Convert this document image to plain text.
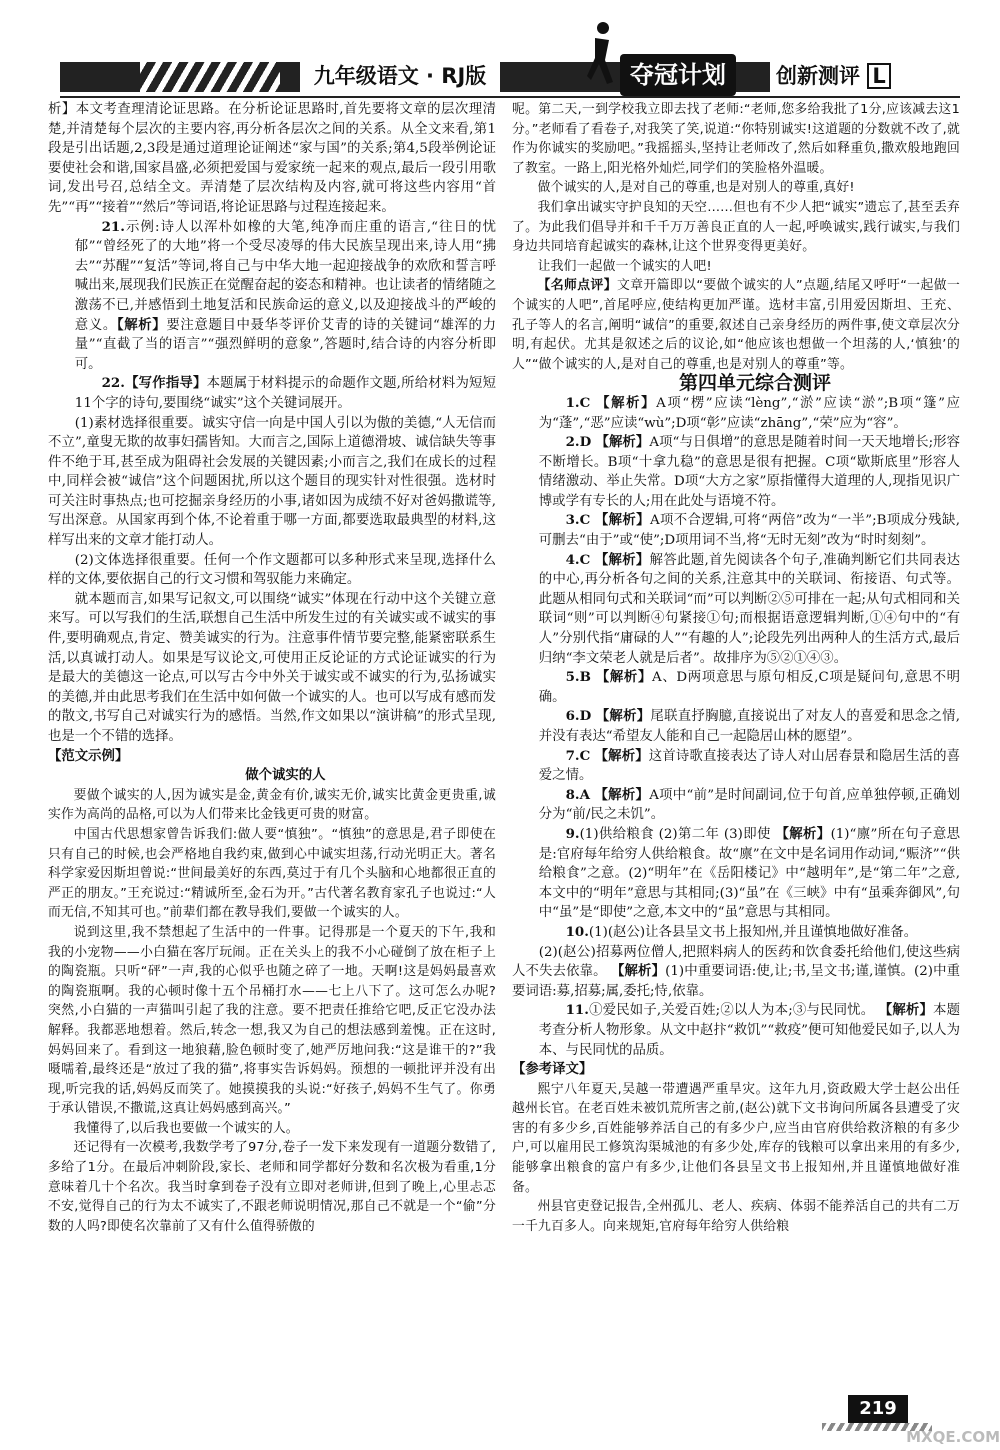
九年级语文 · RJ版	夺冠计划	创新测评 L

析】本文考查理清论证思路。在分析论证思路时,首先要将文章的层次理清楚,并清楚每个层次的主要内容,再分析各层次之间的关系。从全文来看,第1段是引出话题,2,3段是通过道理论证阐述“家与国”的关系;第4,5段举例论证要使社会和谐,国家昌盛,必须把爱国与爱家统一起来的观点,最后一段引用歌词,发出号召,总结全文。弄清楚了层次结构及内容,就可将这些内容用“首先”“再”“接着”“然后”等词语,将论证思路与过程连接起来。

21.示例:诗人以浑朴如橡的大笔,纯净而庄重的语言,“往日的忧郁”“曾经死了的大地”将一个受尽凌辱的伟大民族呈现出来,诗人用“拂去”“苏醒”“复活”等词,将自己与中华大地一起迎接战争的欢欣和誓言呼喊出来,展现我们民族正在觉醒奋起的姿态和精神。也让读者的情绪随之激荡不已,并感悟到土地复活和民族命运的意义,以及迎接战斗的严峻的意义。【解析】要注意题目中聂华苓评价艾青的诗的关键词“雄浑的力量”“直截了当的语言”“强烈鲜明的意象”,答题时,结合诗的内容分析即可。

22.【写作指导】本题属于材料提示的命题作文题,所给材料为短短11个字的诗句,要围绕“诚实”这个关键词展开。

(1)素材选择很重要。诚实守信一向是中国人引以为傲的美德,“人无信而不立”,童叟无欺的故事妇孺皆知。大而言之,国际上道德滑坡、诚信缺失等事件不绝于耳,甚至成为阻碍社会发展的关键因素;小而言之,我们在成长的过程中,同样会被“诚信”这个问题困扰,所以这个题目的现实针对性很强。选材时可关注时事热点;也可挖掘亲身经历的小事,诸如因为成绩不好对爸妈撒谎等,写出深意。从国家再到个体,不论着重于哪一方面,都要选取最典型的材料,这样写出来的文章才能打动人。

(2)文体选择很重要。任何一个作文题都可以多种形式来呈现,选择什么样的文体,要依据自己的行文习惯和驾驭能力来确定。

就本题而言,如果写记叙文,可以围绕“诚实”体现在行动中这个关键立意来写。可以写我们的生活,联想自己生活中所发生过的有关诚实或不诚实的事件,要明确观点,肯定、赞美诚实的行为。注意事件情节要完整,能紧密联系生活,以真诚打动人。如果是写议论文,可使用正反论证的方式论证诚实的行为是最大的美德这一论点,可以写古今中外关于诚实或不诚实的行为,弘扬诚实的美德,并由此思考我们在生活中如何做一个诚实的人。也可以写成有感而发的散文,书写自己对诚实行为的感悟。当然,作文如果以“演讲稿”的形式呈现,也是一个不错的选择。

【范文示例】

做个诚实的人

要做个诚实的人,因为诚实是金,黄金有价,诚实无价,诚实比黄金更贵重,诚实作为高尚的品格,可以为人们带来比金钱更可贵的财富。

中国古代思想家曾告诉我们:做人要“慎独”。“慎独”的意思是,君子即使在只有自己的时候,也会严格地自我约束,做到心中诚实坦荡,行动光明正大。著名科学家爱因斯坦曾说:“世间最美好的东西,莫过于有几个头脑和心地都很正直的严正的朋友。”王充说过:“精诚所至,金石为开。”古代著名教育家孔子也说过:“人而无信,不知其可也。”前辈们都在教导我们,要做一个诚实的人。

说到这里,我不禁想起了生活中的一件事。记得那是一个夏天的下午,我和我的小宠物——小白猫在客厅玩闹。正在关头上的我不小心碰倒了放在柜子上的陶瓷瓶。只听“砰”一声,我的心似乎也随之碎了一地。天啊!这是妈妈最喜欢的陶瓷瓶啊。我的心顿时像十五个吊桶打水——七上八下了。这可怎么办呢?突然,小白猫的一声猫叫引起了我的注意。要不把责任推给它吧,反正它没办法解释。我都恶地想着。然后,转念一想,我又为自己的想法感到羞愧。正在这时,妈妈回来了。看到这一地狼藉,脸色顿时变了,她严厉地问我:“这是谁干的?”我嗫嚅着,最终还是“放过了我的猫”,将事实告诉妈妈。预想的一顿批评并没有出现,听完我的话,妈妈反而笑了。她摸摸我的头说:“好孩子,妈妈不生气了。你勇于承认错误,不撒谎,这真让妈妈感到高兴。”

我懂得了,以后我也要做一个诚实的人。

还记得有一次模考,我数学考了97分,卷子一发下来发现有一道题分数错了,多给了1分。在最后冲刺阶段,家长、老师和同学都好分数和名次极为看重,1分意味着几十个名次。我当时拿到卷子没有立即对老师讲,但到了晚上,心里忐忑不安,觉得自己的行为太不诚实了,不跟老师说明情况,那自己不就是一个“偷”分数的人吗?即使名次靠前了又有什么值得骄傲的

呢。第二天,一到学校我立即去找了老师:“老师,您多给我批了1分,应该减去这1分。”老师看了看卷子,对我笑了笑,说道:“你特别诚实!这道题的分数就不改了,就作为你诚实的奖励吧。”我摇摇头,坚持让老师改了,然后如释重负,撒欢般地跑回了教室。一路上,阳光格外灿烂,同学们的笑脸格外温暖。

做个诚实的人,是对自己的尊重,也是对别人的尊重,真好!

我们拿出诚实守护良知的天空……但也有不少人把“诚实”遗忘了,甚至丢弃了。为此我们倡导并和千千万万善良正直的人一起,呼唤诚实,践行诚实,与我们身边共同培育起诚实的森林,让这个世界变得更美好。

让我们一起做一个诚实的人吧!

【名师点评】文章开篇即以“要做个诚实的人”点题,结尾又呼吁“一起做一个诚实的人吧”,首尾呼应,使结构更加严谨。选材丰富,引用爱因斯坦、王充、孔子等人的名言,阐明“诚信”的重要,叙述自己亲身经历的两件事,使文章层次分明,有起伏。尤其是叙述之后的议论,如“他应该也想做一个坦荡的人,‘慎独’的人”“做个诚实的人,是对自己的尊重,也是对别人的尊重”等。

第四单元综合测评

1.C 【解析】A项“楞”应读“lèng”,“淤”应读“淤”;B项“篷”应为“蓬”,“恶”应读“wù”;D项“彰”应读“zhāng”,“荣”应为“容”。

2.D 【解析】A项“与日俱增”的意思是随着时间一天天地增长;形容不断增长。B项“十拿九稳”的意思是很有把握。C项“歇斯底里”形容人情绪激动、举止失常。D项“大方之家”原指懂得大道理的人,现指见识广博或学有专长的人;用在此处与语境不符。

3.C 【解析】A项不合逻辑,可将“两倍”改为“一半”;B项成分残缺,可删去“由于”或“使”;D项用词不当,将“无时无刻”改为“时时刻刻”。

4.C 【解析】解答此题,首先阅读各个句子,准确判断它们共同表达的中心,再分析各句之间的关系,注意其中的关联词、衔接语、句式等。此题从相同句式和关联词“而”可以判断②⑤可排在一起;从句式相同和关联词“则”可以判断④句紧接①句;而根据语意逻辑判断,①④句中的“有人”分别代指“庸碌的人”“有趣的人”;论段先列出两种人的生活方式,最后归纳“李文荣老人就是后者”。故排序为⑤②①④③。

5.B 【解析】A、D两项意思与原句相反,C项是疑问句,意思不明确。

6.D 【解析】尾联直抒胸臆,直接说出了对友人的喜爱和思念之情,并没有表达“希望友人能和自己一起隐居山林的愿望”。

7.C 【解析】这首诗歌直接表达了诗人对山居春景和隐居生活的喜爱之情。

8.A 【解析】A项中“前”是时间副词,位于句首,应单独停顿,正确划分为“前/民之未饥”。

9.(1)供给粮食 (2)第二年 (3)即使 【解析】(1)“廪”所在句子意思是:官府每年给穷人供给粮食。故“廪”在文中是名词用作动词,“赈济”“供给粮食”之意。(2)“明年”在《岳阳楼记》中“越明年”,是“第二年”之意,本文中的“明年”意思与其相同;(3)“虽”在《三峡》中有“虽乘奔御风”,句中“虽”是“即使”之意,本文中的“虽”意思与其相同。

10.(1)(赵公)让各县呈文书上报知州,并且谨慎地做好准备。

(2)(赵公)招募两位僧人,把照料病人的医药和饮食委托给他们,使这些病人不失去依靠。 【解析】(1)中重要词语:使,让;书,呈文书;谨,谨慎。(2)中重要词语:募,招募;属,委托;恃,依靠。

11.①爱民如子,关爱百姓;②以人为本;③与民同忧。 【解析】本题考查分析人物形象。从文中赵抃“救饥”“救疫”便可知他爱民如子,以人为本、与民同忧的品质。

【参考译文】

熙宁八年夏天,吴越一带遭遇严重旱灾。这年九月,资政殿大学士赵公出任越州长官。在老百姓未被饥荒所害之前,(赵公)就下文书询问所属各县遭受了灾害的有多少乡,百姓能够养活自己的有多少户,应当由官府供给救济粮的有多少户,可以雇用民工修筑沟渠城池的有多少处,库存的钱粮可以拿出来用的有多少,能够拿出粮食的富户有多少,让他们各县呈文书上报知州,并且谨慎地做好准备。

州县官吏登记报告,全州孤儿、老人、疾病、体弱不能养活自己的共有二万一千九百多人。向来规矩,官府每年给穷人供给粮

219
MXQE.COM
